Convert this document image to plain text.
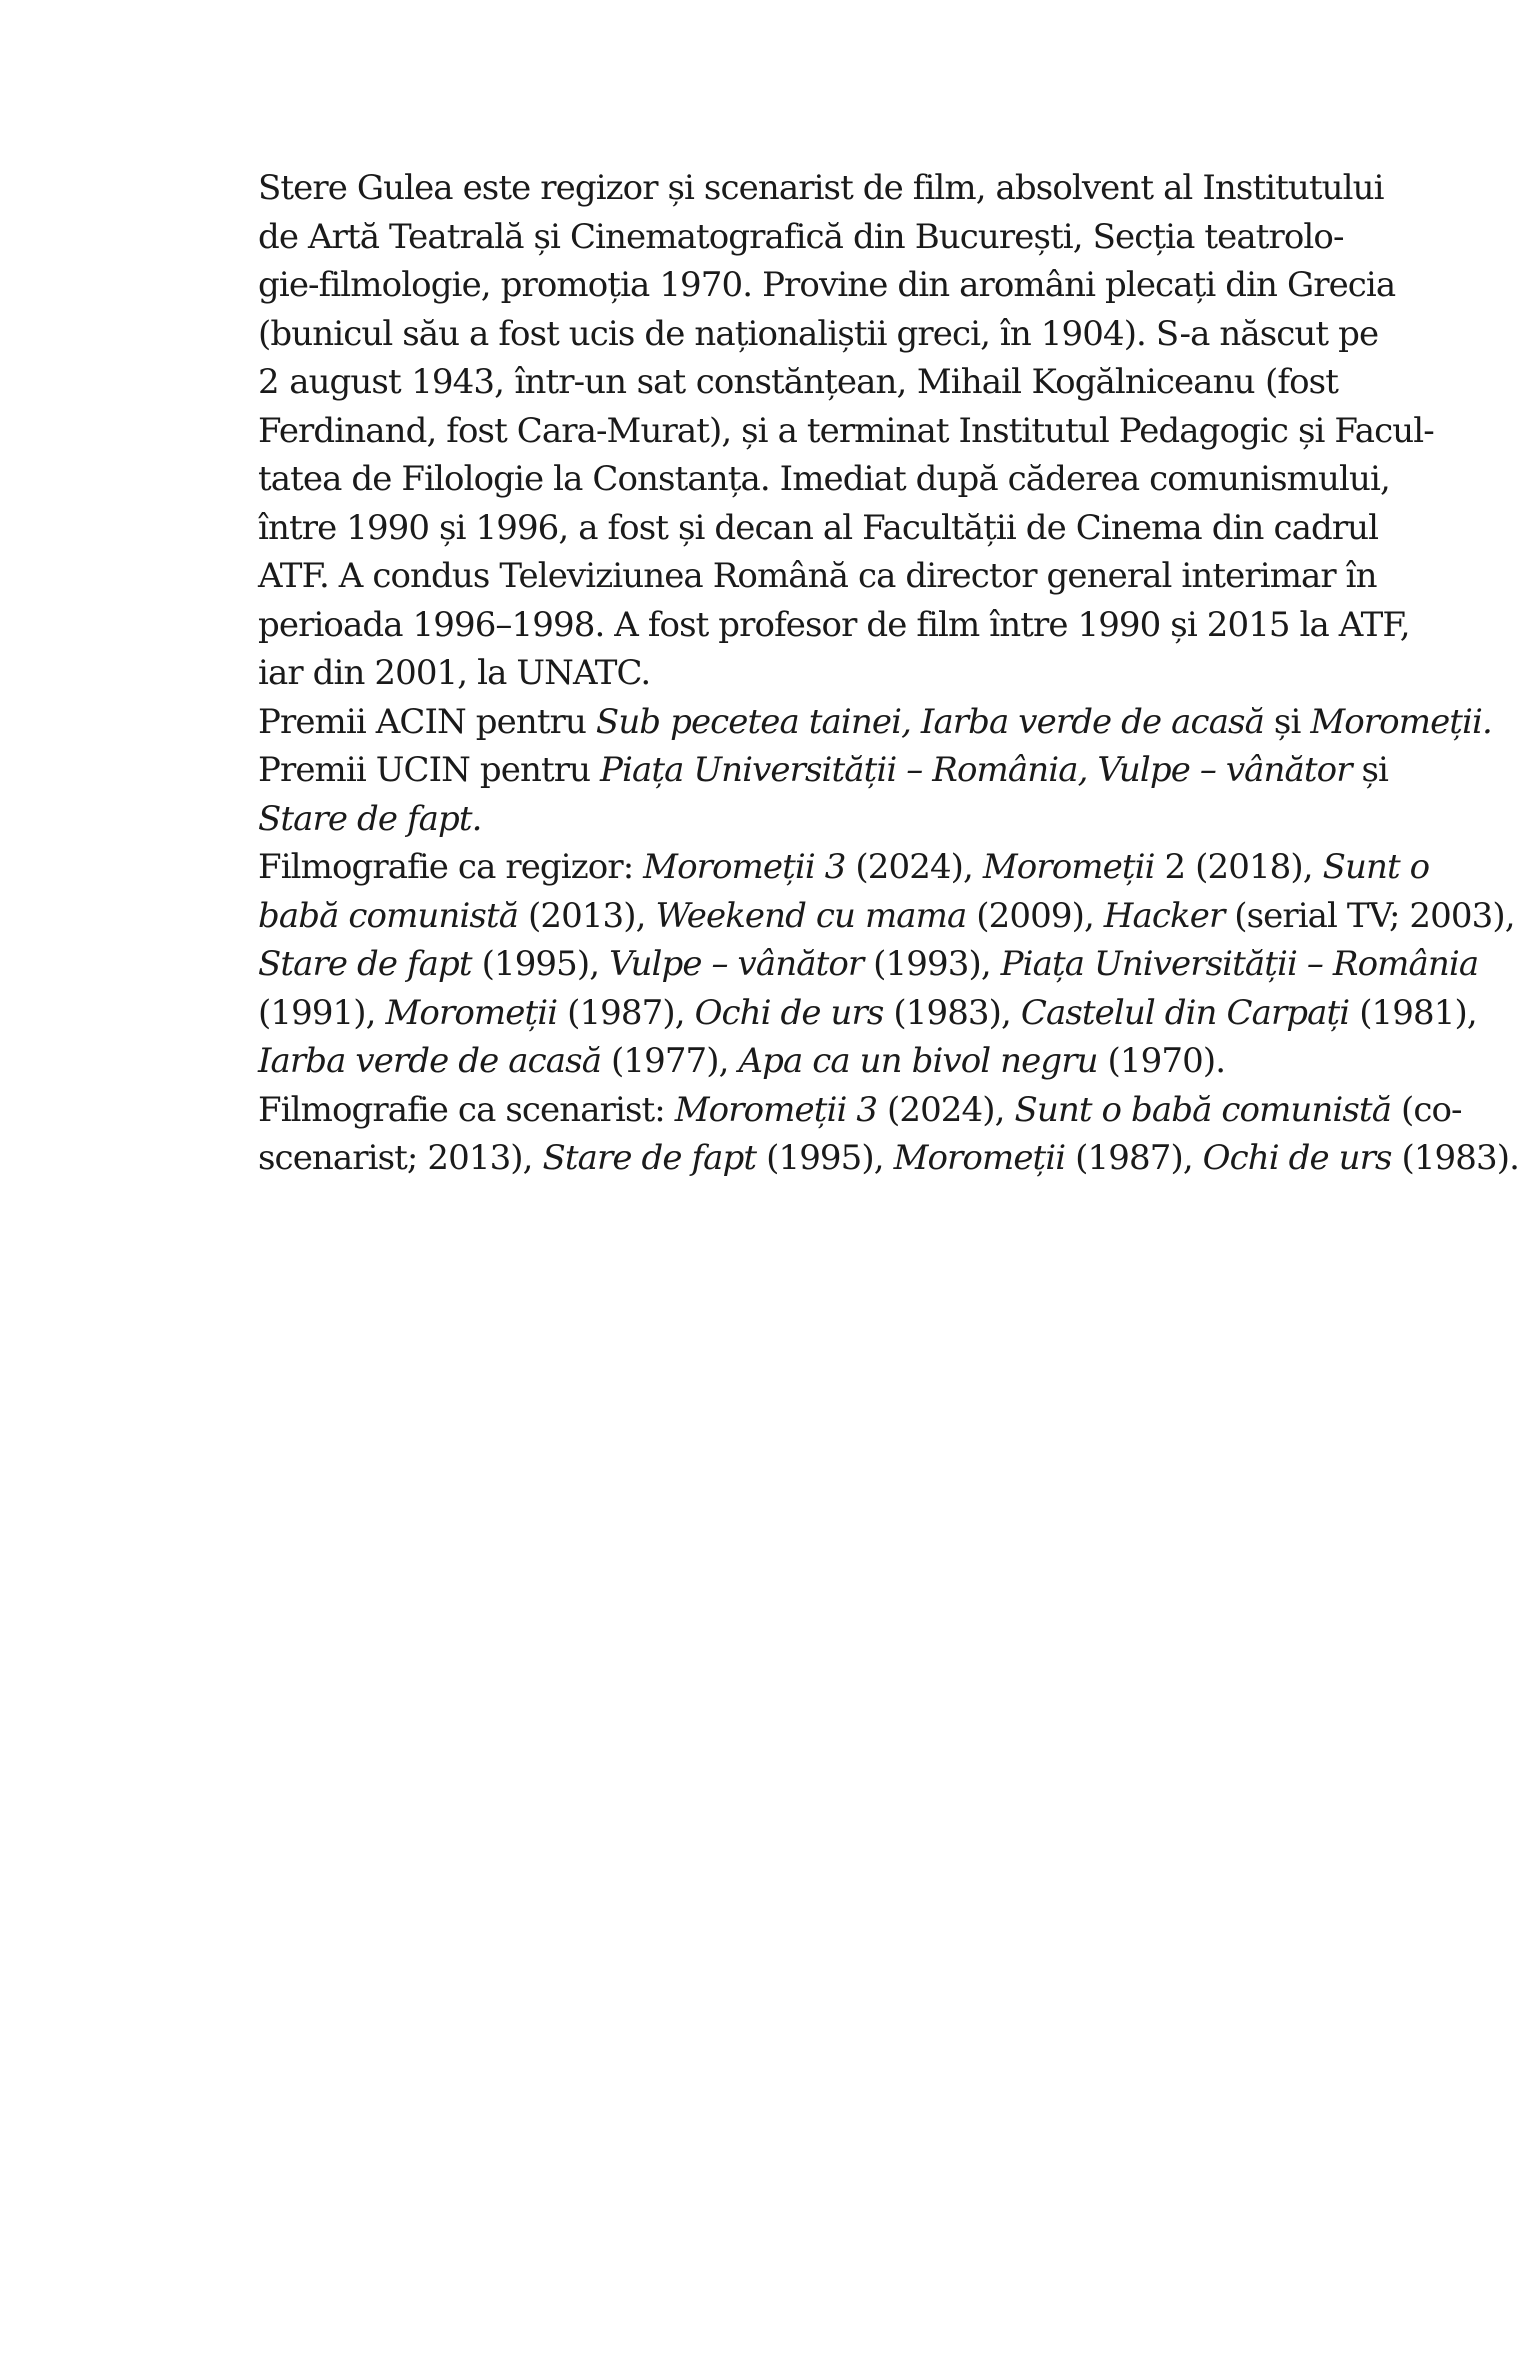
Stere Gulea este regizor și scenarist de film, absolvent al Institutului
de Artă Teatrală și Cinematografică din București, Secția teatrolo-
gie-filmologie, promoția 1970. Provine din aromâni plecați din Grecia
(bunicul său a fost ucis de naționaliștii greci, în 1904). S-a născut pe
2 august 1943, într-un sat constănțean, Mihail Kogălniceanu (fost
Ferdinand, fost Cara-Murat), și a terminat Institutul Pedagogic și Facul-
tatea de Filologie la Constanța. Imediat după căderea comunismului,
între 1990 și 1996, a fost și decan al Facultății de Cinema din cadrul
ATF. A condus Televiziunea Română ca director general interimar în
perioada 1996–1998. A fost profesor de film între 1990 și 2015 la ATF,
iar din 2001, la UNATC.
Premii ACIN pentru Sub pecetea tainei, Iarba verde de acasă și Moromeții.
Premii UCIN pentru Piața Universității – România, Vulpe – vânător și
Stare de fapt.
Filmografie ca regizor: Moromeții 3 (2024), Moromeții 2 (2018), Sunt o
babă comunistă (2013), Weekend cu mama (2009), Hacker (serial TV; 2003),
Stare de fapt (1995), Vulpe – vânător (1993), Piața Universității – România
(1991), Moromeții (1987), Ochi de urs (1983), Castelul din Carpați (1981),
Iarba verde de acasă (1977), Apa ca un bivol negru (1970).
Filmografie ca scenarist: Moromeții 3 (2024), Sunt o babă comunistă (co-
scenarist; 2013), Stare de fapt (1995), Moromeții (1987), Ochi de urs (1983).
